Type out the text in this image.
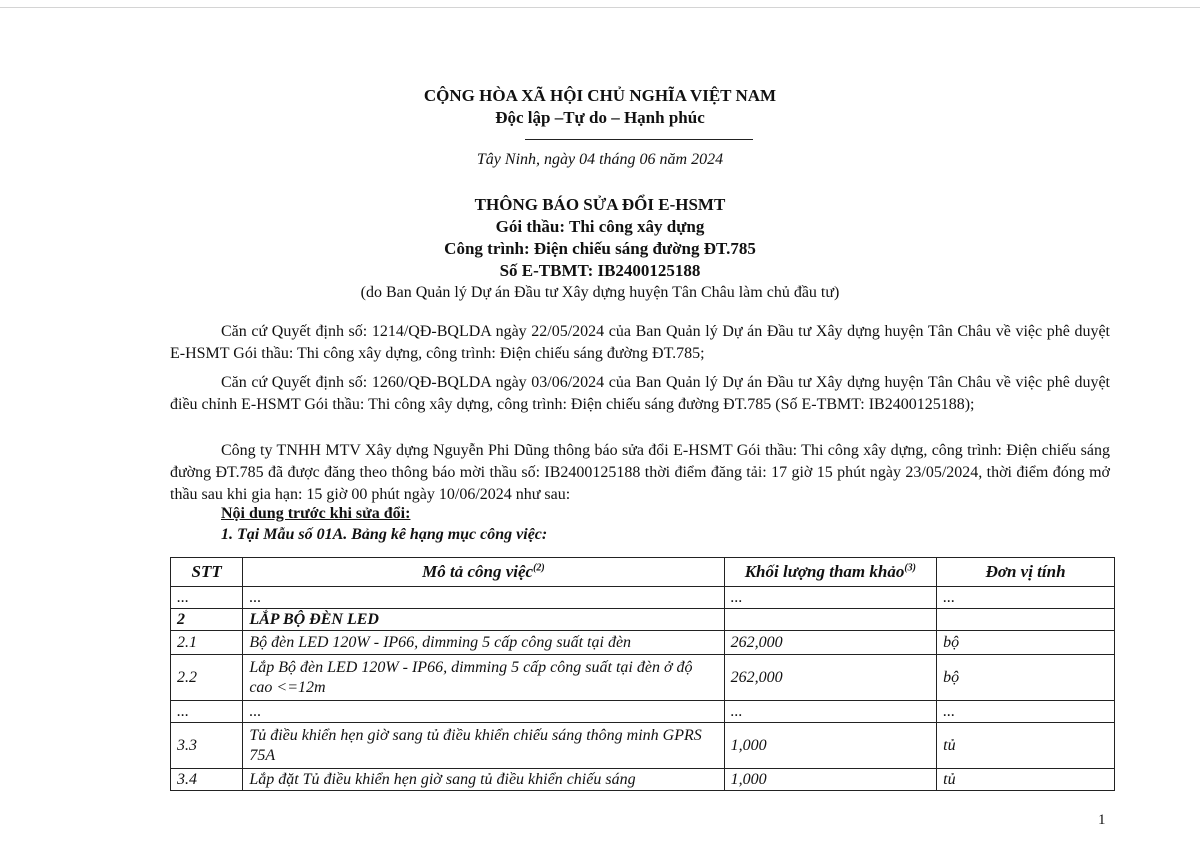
CỘNG HÒA XÃ HỘI CHỦ NGHĨA VIỆT NAM
Độc lập –Tự do – Hạnh phúc
Tây Ninh, ngày 04 tháng 06 năm 2024
THÔNG BÁO SỬA ĐỔI E-HSMT
Gói thầu: Thi công xây dựng
Công trình: Điện chiếu sáng đường ĐT.785
Số E-TBMT: IB2400125188
(do Ban Quản lý Dự án Đầu tư Xây dựng huyện Tân Châu làm chủ đầu tư)
Căn cứ Quyết định số: 1214/QĐ-BQLDA ngày 22/05/2024 của Ban Quản lý Dự án Đầu tư Xây dựng huyện Tân Châu về việc phê duyệt E-HSMT Gói thầu: Thi công xây dựng, công trình: Điện chiếu sáng đường ĐT.785;
Căn cứ Quyết định số: 1260/QĐ-BQLDA ngày 03/06/2024 của Ban Quản lý Dự án Đầu tư Xây dựng huyện Tân Châu về việc phê duyệt điều chỉnh E-HSMT Gói thầu: Thi công xây dựng, công trình: Điện chiếu sáng đường ĐT.785 (Số E-TBMT: IB2400125188);
Công ty TNHH MTV Xây dựng Nguyễn Phi Dũng thông báo sửa đổi E-HSMT Gói thầu: Thi công xây dựng, công trình: Điện chiếu sáng đường ĐT.785 đã được đăng theo thông báo mời thầu số: IB2400125188 thời điểm đăng tải: 17 giờ 15 phút ngày 23/05/2024, thời điểm đóng mở thầu sau khi gia hạn: 15 giờ 00 phút ngày 10/06/2024 như sau:
Nội dung trước khi sửa đổi:
1. Tại Mẫu số 01A. Bảng kê hạng mục công việc:
STT	Mô tả công việc$^{(2)}$	Khối lượng tham khảo$^{(3)}$	Đơn vị tính
...	...	...	...
2	LẮP BỘ ĐÈN LED		
2.1	Bộ đèn LED 120W - IP66, dimming 5 cấp công suất tại đèn	262,000	bộ
2.2	Lắp Bộ đèn LED 120W - IP66, dimming 5 cấp công suất tại đèn ở độ cao <=12m	262,000	bộ
...	...	...	...
3.3	Tủ điều khiển hẹn giờ sang tủ điều khiển chiếu sáng thông minh GPRS 75A	1,000	tủ
3.4	Lắp đặt Tủ điều khiển hẹn giờ sang tủ điều khiển chiếu sáng	1,000	tủ
1
